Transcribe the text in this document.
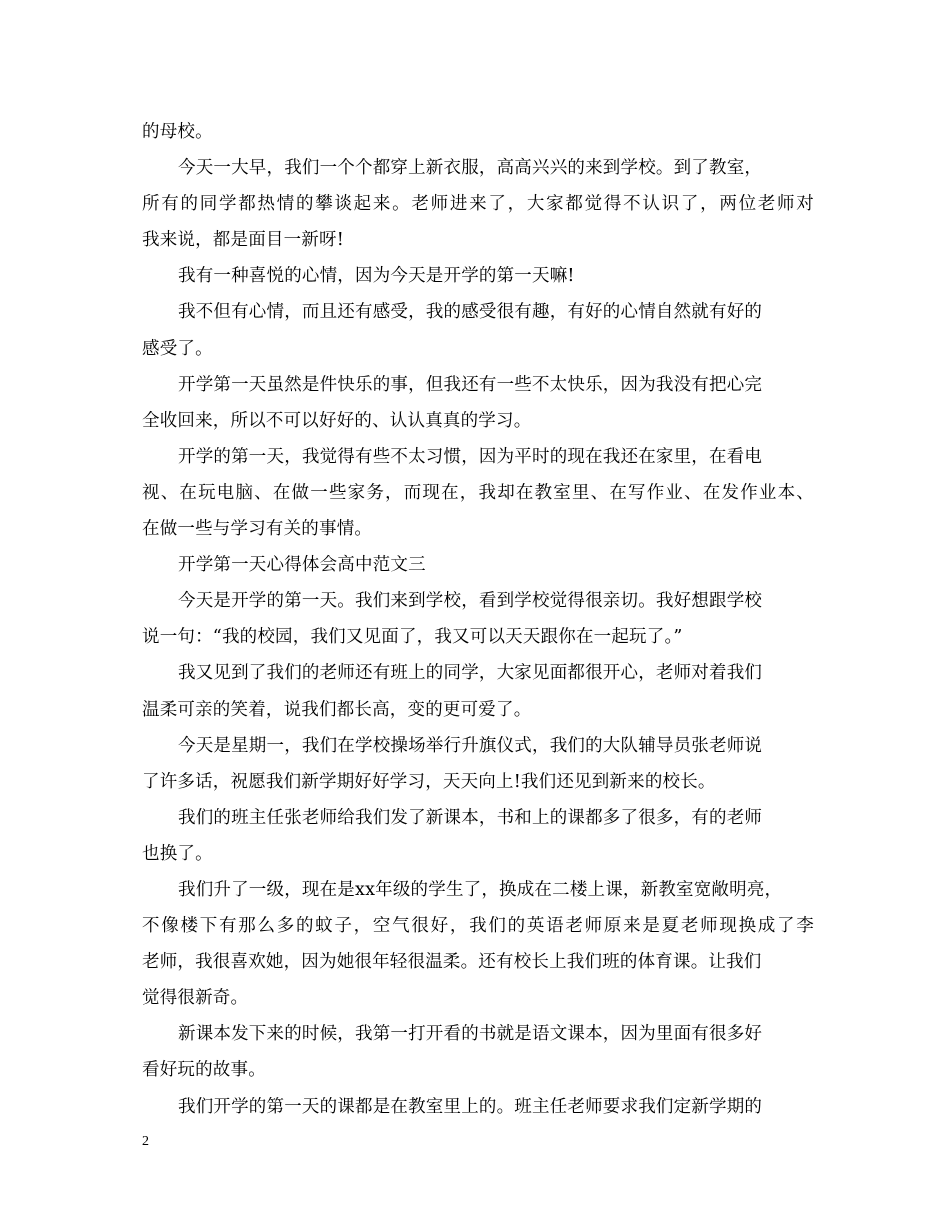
的母校。
今天一大早，我们一个个都穿上新衣服，高高兴兴的来到学校。到了教室，
所有的同学都热情的攀谈起来。老师进来了，大家都觉得不认识了，两位老师对
我来说，都是面目一新呀!
我有一种喜悦的心情，因为今天是开学的第一天嘛!
我不但有心情，而且还有感受，我的感受很有趣，有好的心情自然就有好的
感受了。
开学第一天虽然是件快乐的事，但我还有一些不太快乐，因为我没有把心完
全收回来，所以不可以好好的、认认真真的学习。
开学的第一天，我觉得有些不太习惯，因为平时的现在我还在家里，在看电
视、在玩电脑、在做一些家务，而现在，我却在教室里、在写作业、在发作业本、
在做一些与学习有关的事情。
开学第一天心得体会高中范文三
今天是开学的第一天。我们来到学校，看到学校觉得很亲切。我好想跟学校
说一句：“我的校园，我们又见面了，我又可以天天跟你在一起玩了。”
我又见到了我们的老师还有班上的同学，大家见面都很开心，老师对着我们
温柔可亲的笑着，说我们都长高，变的更可爱了。
今天是星期一，我们在学校操场举行升旗仪式，我们的大队辅导员张老师说
了许多话，祝愿我们新学期好好学习，天天向上!我们还见到新来的校长。
我们的班主任张老师给我们发了新课本，书和上的课都多了很多，有的老师
也换了。
我们升了一级，现在是xx年级的学生了，换成在二楼上课，新教室宽敞明亮，
不像楼下有那么多的蚊子，空气很好，我们的英语老师原来是夏老师现换成了李
老师，我很喜欢她，因为她很年轻很温柔。还有校长上我们班的体育课。让我们
觉得很新奇。
新课本发下来的时候，我第一打开看的书就是语文课本，因为里面有很多好
看好玩的故事。
我们开学的第一天的课都是在教室里上的。班主任老师要求我们定新学期的
2
